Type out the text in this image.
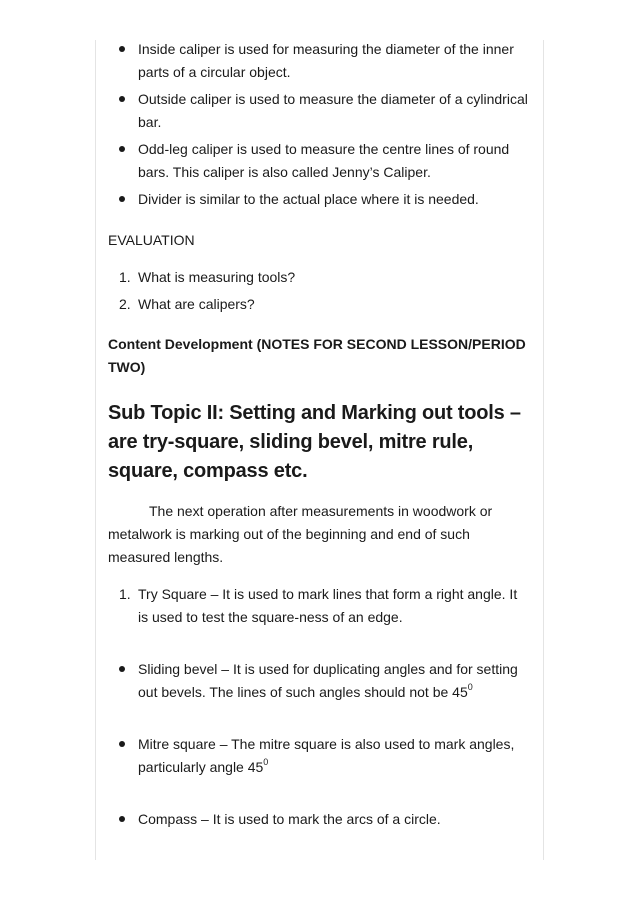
Inside caliper is used for measuring the diameter of the inner parts of a circular object.
Outside caliper is used to measure the diameter of a cylindrical bar.
Odd-leg caliper is used to measure the centre lines of round bars. This caliper is also called Jenny’s Caliper.
Divider is similar to the actual place where it is needed.

EVALUATION

1. What is measuring tools?
2. What are calipers?

Content Development (NOTES FOR SECOND LESSON/PERIOD TWO)

Sub Topic II: Setting and Marking out tools – are try-square, sliding bevel, mitre rule, square, compass etc.

The next operation after measurements in woodwork or metalwork is marking out of the beginning and end of such measured lengths.

1. Try Square – It is used to mark lines that form a right angle. It is used to test the square-ness of an edge.
Sliding bevel – It is used for duplicating angles and for setting out bevels. The lines of such angles should not be $45^0$
Mitre square – The mitre square is also used to mark angles, particularly angle $45^0$
Compass – It is used to mark the arcs of a circle.
